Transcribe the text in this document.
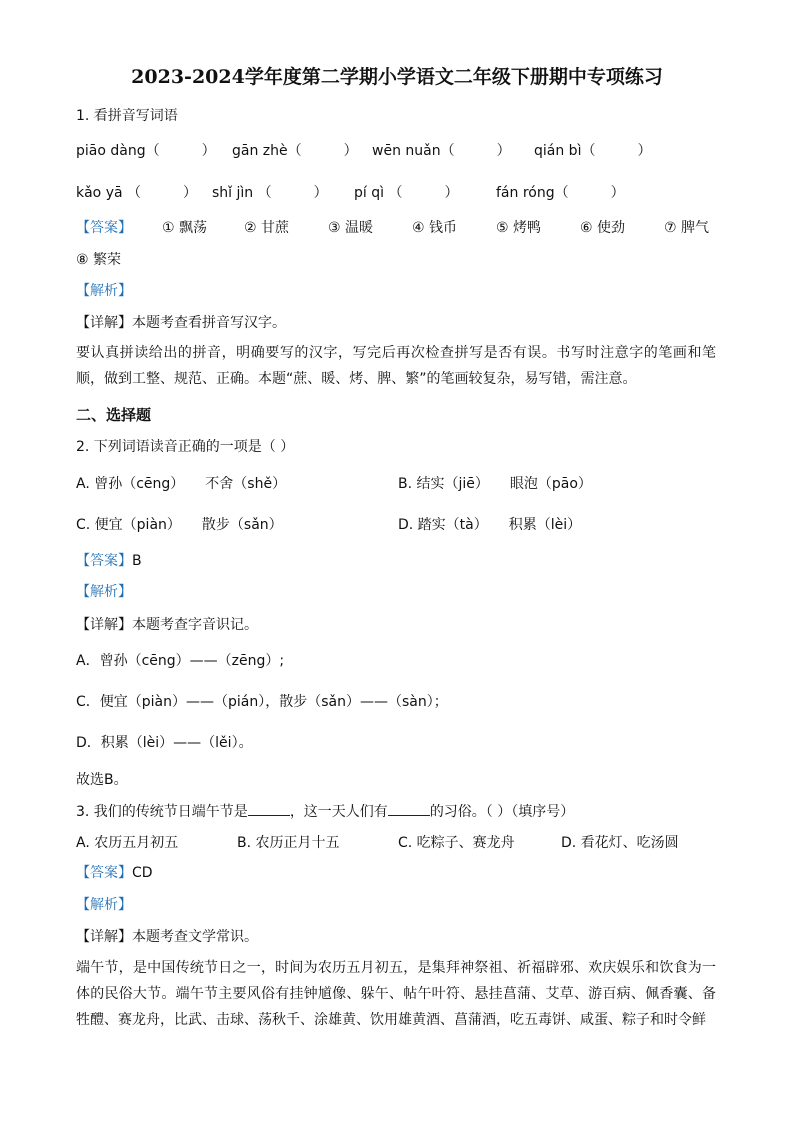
2023-2024学年度第二学期小学语文二年级下册期中专项练习
1. 看拼音写词语
piāo dàng（　　　） gān zhè（　　　） wēn nuǎn（　　　） qián bì（　　　）
kǎo yā （　　　） shǐ jìn （　　　） pí qì （　　　）	fán róng（　　　）
【答案】 ① 飘荡	② 甘蔗	③ 温暖	④ 钱币	⑤ 烤鸭	⑥ 使劲	⑦ 脾气
⑧ 繁荣
【解析】
【详解】本题考查看拼音写汉字。
要认真拼读给出的拼音，明确要写的汉字，写完后再次检查拼写是否有误。书写时注意字的笔画和笔顺，做到工整、规范、正确。本题“蔗、暖、烤、脾、繁”的笔画较复杂，易写错，需注意。
二、选择题
2. 下列词语读音正确的一项是（ ）
A. 曾孙（cēng）　　不舍（shě）	B. 结实（jiē）　　眼泡（pāo）
C. 便宜（piàn）　　散步（sǎn）	D. 踏实（tà）　　积累（lèi）
【答案】B
【解析】
【详解】本题考查字音识记。
A．曾孙（cēng）——（zēng）;
C．便宜（piàn）——（pián），散步（sǎn）——（sàn）；
D．积累（lèi）——（lěi）。
故选B。
3. 我们的传统节日端午节是	，这一天人们有	的习俗。（ ）（填序号）
A. 农历五月初五	B. 农历正月十五	C. 吃粽子、赛龙舟	D. 看花灯、吃汤圆
【答案】CD
【解析】
【详解】本题考查文学常识。
端午节，是中国传统节日之一，时间为农历五月初五，是集拜神祭祖、祈福辟邪、欢庆娱乐和饮食为一体的民俗大节。端午节主要风俗有挂钟馗像、躲午、帖午叶符、悬挂菖蒲、艾草、游百病、佩香囊、备牲醴、赛龙舟，比武、击球、荡秋千、涂雄黄、饮用雄黄酒、菖蒲酒，吃五毒饼、咸蛋、粽子和时令鲜
